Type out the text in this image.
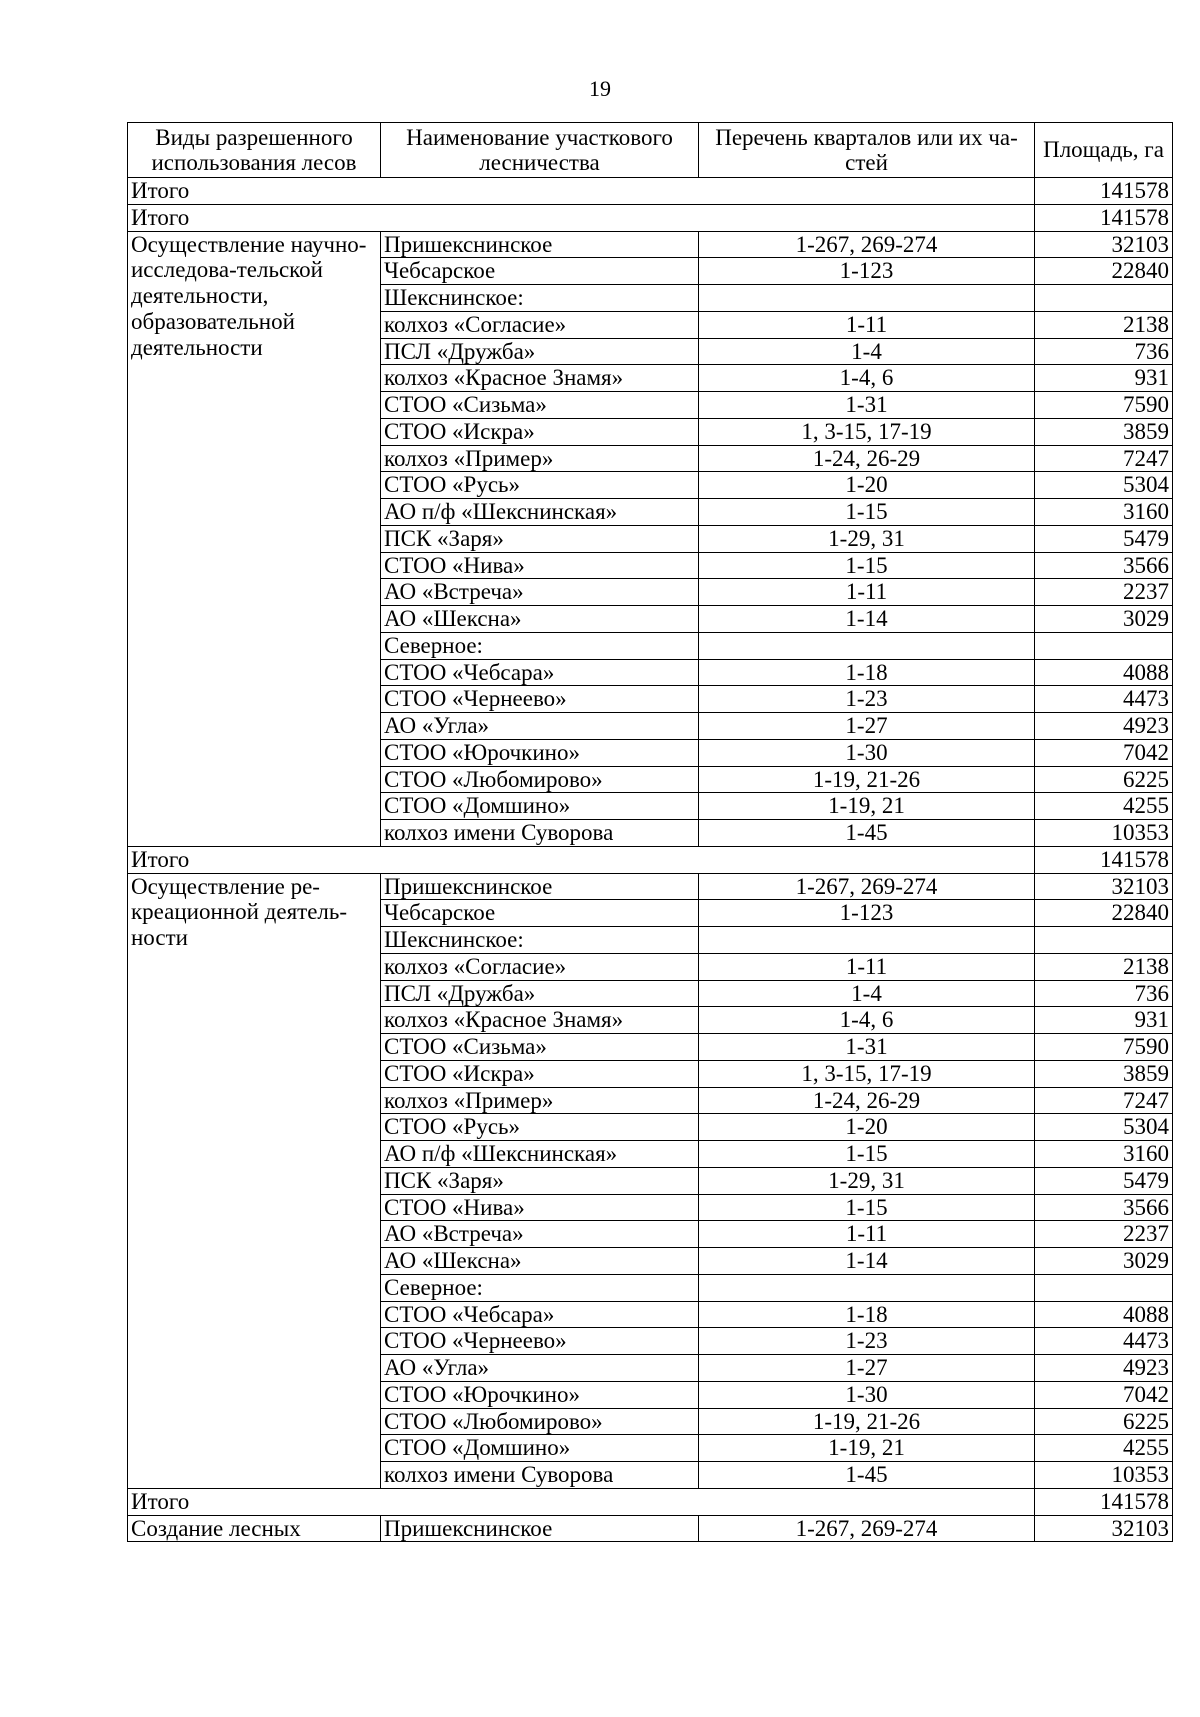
19
Виды разрешенного использования лесов	Наименование участкового лесничества	Перечень кварталов или их ча-стей	Площадь, га
Итого			141578
Итого			141578
Осуществление научно-исследова-тельской деятельности, образовательной деятельности	Пришекснинское	1-267, 269-274	32103
	Чебсарское	1-123	22840
	Шекснинское:		
	колхоз «Согласие»	1-11	2138
	ПСЛ «Дружба»	1-4	736
	колхоз «Красное Знамя»	1-4, 6	931
	СТОО «Сизьма»	1-31	7590
	СТОО «Искра»	1, 3-15, 17-19	3859
	колхоз «Пример»	1-24, 26-29	7247
	СТОО «Русь»	1-20	5304
	АО п/ф «Шекснинская»	1-15	3160
	ПСК «Заря»	1-29, 31	5479
	СТОО «Нива»	1-15	3566
	АО «Встреча»	1-11	2237
	АО «Шексна»	1-14	3029
	Северное:		
	СТОО «Чебсара»	1-18	4088
	СТОО «Чернеево»	1-23	4473
	АО «Угла»	1-27	4923
	СТОО «Юрочкино»	1-30	7042
	СТОО «Любомирово»	1-19, 21-26	6225
	СТОО «Домшино»	1-19, 21	4255
	колхоз имени Суворова	1-45	10353
Итого			141578
Осуществление ре-креационной деятель-ности	Пришекснинское	1-267, 269-274	32103
	Чебсарское	1-123	22840
	Шекснинское:		
	колхоз «Согласие»	1-11	2138
	ПСЛ «Дружба»	1-4	736
	колхоз «Красное Знамя»	1-4, 6	931
	СТОО «Сизьма»	1-31	7590
	СТОО «Искра»	1, 3-15, 17-19	3859
	колхоз «Пример»	1-24, 26-29	7247
	СТОО «Русь»	1-20	5304
	АО п/ф «Шекснинская»	1-15	3160
	ПСК «Заря»	1-29, 31	5479
	СТОО «Нива»	1-15	3566
	АО «Встреча»	1-11	2237
	АО «Шексна»	1-14	3029
	Северное:		
	СТОО «Чебсара»	1-18	4088
	СТОО «Чернеево»	1-23	4473
	АО «Угла»	1-27	4923
	СТОО «Юрочкино»	1-30	7042
	СТОО «Любомирово»	1-19, 21-26	6225
	СТОО «Домшино»	1-19, 21	4255
	колхоз имени Суворова	1-45	10353
Итого			141578
Создание лесных	Пришекснинское	1-267, 269-274	32103
